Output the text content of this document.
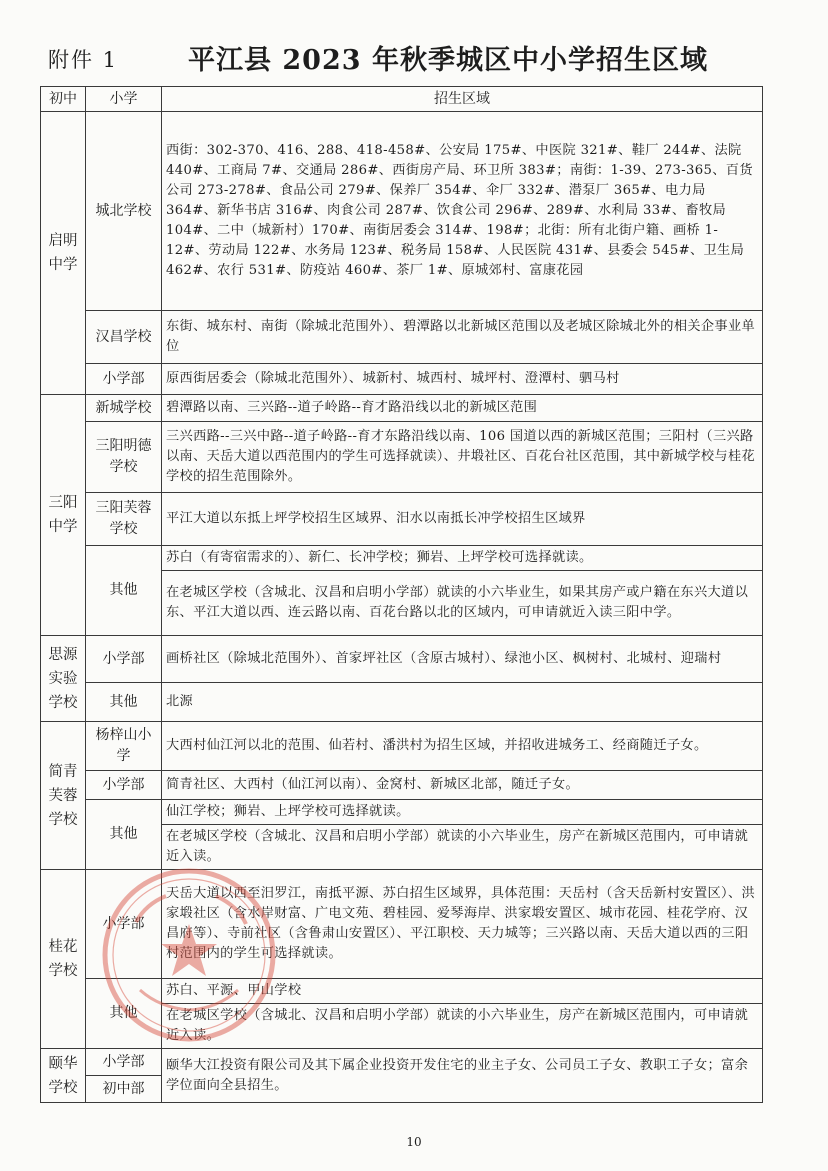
附件 1	平江县 2023 年秋季城区中小学招生区域
初中	小学	招生区域
启明中学	城北学校	西街：302-370、416、288、418-458#、公安局 175#、中医院 321#、鞋厂 244#、法院 440#、工商局 7#、交通局 286#、西街房产局、环卫所 383#；南街：1-39、273-365、百货公司 273-278#、食品公司 279#、保养厂 354#、伞厂 332#、潜泵厂 365#、电力局 364#、新华书店 316#、肉食公司 287#、饮食公司 296#、289#、水利局 33#、畜牧局 104#、二中（城新村）170#、南街居委会 314#、198#；北街：所有北街户籍、画桥 1-12#、劳动局 122#、水务局 123#、税务局 158#、人民医院 431#、县委会 545#、卫生局 462#、农行 531#、防疫站 460#、茶厂 1#、原城郊村、富康花园
	汉昌学校	东街、城东村、南街（除城北范围外）、碧潭路以北新城区范围以及老城区除城北外的相关企事业单位
	小学部	原西街居委会（除城北范围外）、城新村、城西村、城坪村、澄潭村、驷马村
三阳中学	新城学校	碧潭路以南、三兴路--道子岭路--育才路沿线以北的新城区范围
	三阳明德学校	三兴西路--三兴中路--道子岭路--育才东路沿线以南、106 国道以西的新城区范围；三阳村（三兴路以南、天岳大道以西范围内的学生可选择就读）、井塅社区、百花台社区范围，其中新城学校与桂花学校的招生范围除外。
	三阳芙蓉学校	平江大道以东抵上坪学校招生区域界、汨水以南抵长冲学校招生区域界
	其他	苏白（有寄宿需求的）、新仁、长冲学校；狮岩、上坪学校可选择就读。
		在老城区学校（含城北、汉昌和启明小学部）就读的小六毕业生，如果其房产或户籍在东兴大道以东、平江大道以西、连云路以南、百花台路以北的区域内，可申请就近入读三阳中学。
思源实验学校	小学部	画桥社区（除城北范围外）、首家坪社区（含原古城村）、绿池小区、枫树村、北城村、迎瑞村
	其他	北源
简青芙蓉学校	杨梓山小学	大西村仙江河以北的范围、仙若村、潘洪村为招生区域，并招收进城务工、经商随迁子女。
	小学部	简青社区、大西村（仙江河以南）、金窝村、新城区北部，随迁子女。
	其他	仙江学校；狮岩、上坪学校可选择就读。
		在老城区学校（含城北、汉昌和启明小学部）就读的小六毕业生，房产在新城区范围内，可申请就近入读。
桂花学校	小学部	天岳大道以西至汨罗江，南抵平源、苏白招生区域界，具体范围：天岳村（含天岳新村安置区）、洪家塅社区（含水岸财富、广电文苑、碧桂园、爱琴海岸、洪家塅安置区、城市花园、桂花学府、汉昌府等）、寺前社区（含鲁肃山安置区）、平江职校、天力城等；三兴路以南、天岳大道以西的三阳村范围内的学生可选择就读。
	其他	苏白、平源、甲山学校
		在老城区学校（含城北、汉昌和启明小学部）就读的小六毕业生，房产在新城区范围内，可申请就近入读。
颐华学校	小学部	颐华大江投资有限公司及其下属企业投资开发住宅的业主子女、公司员工子女、教职工子女；富余学位面向全县招生。
	初中部	
10
